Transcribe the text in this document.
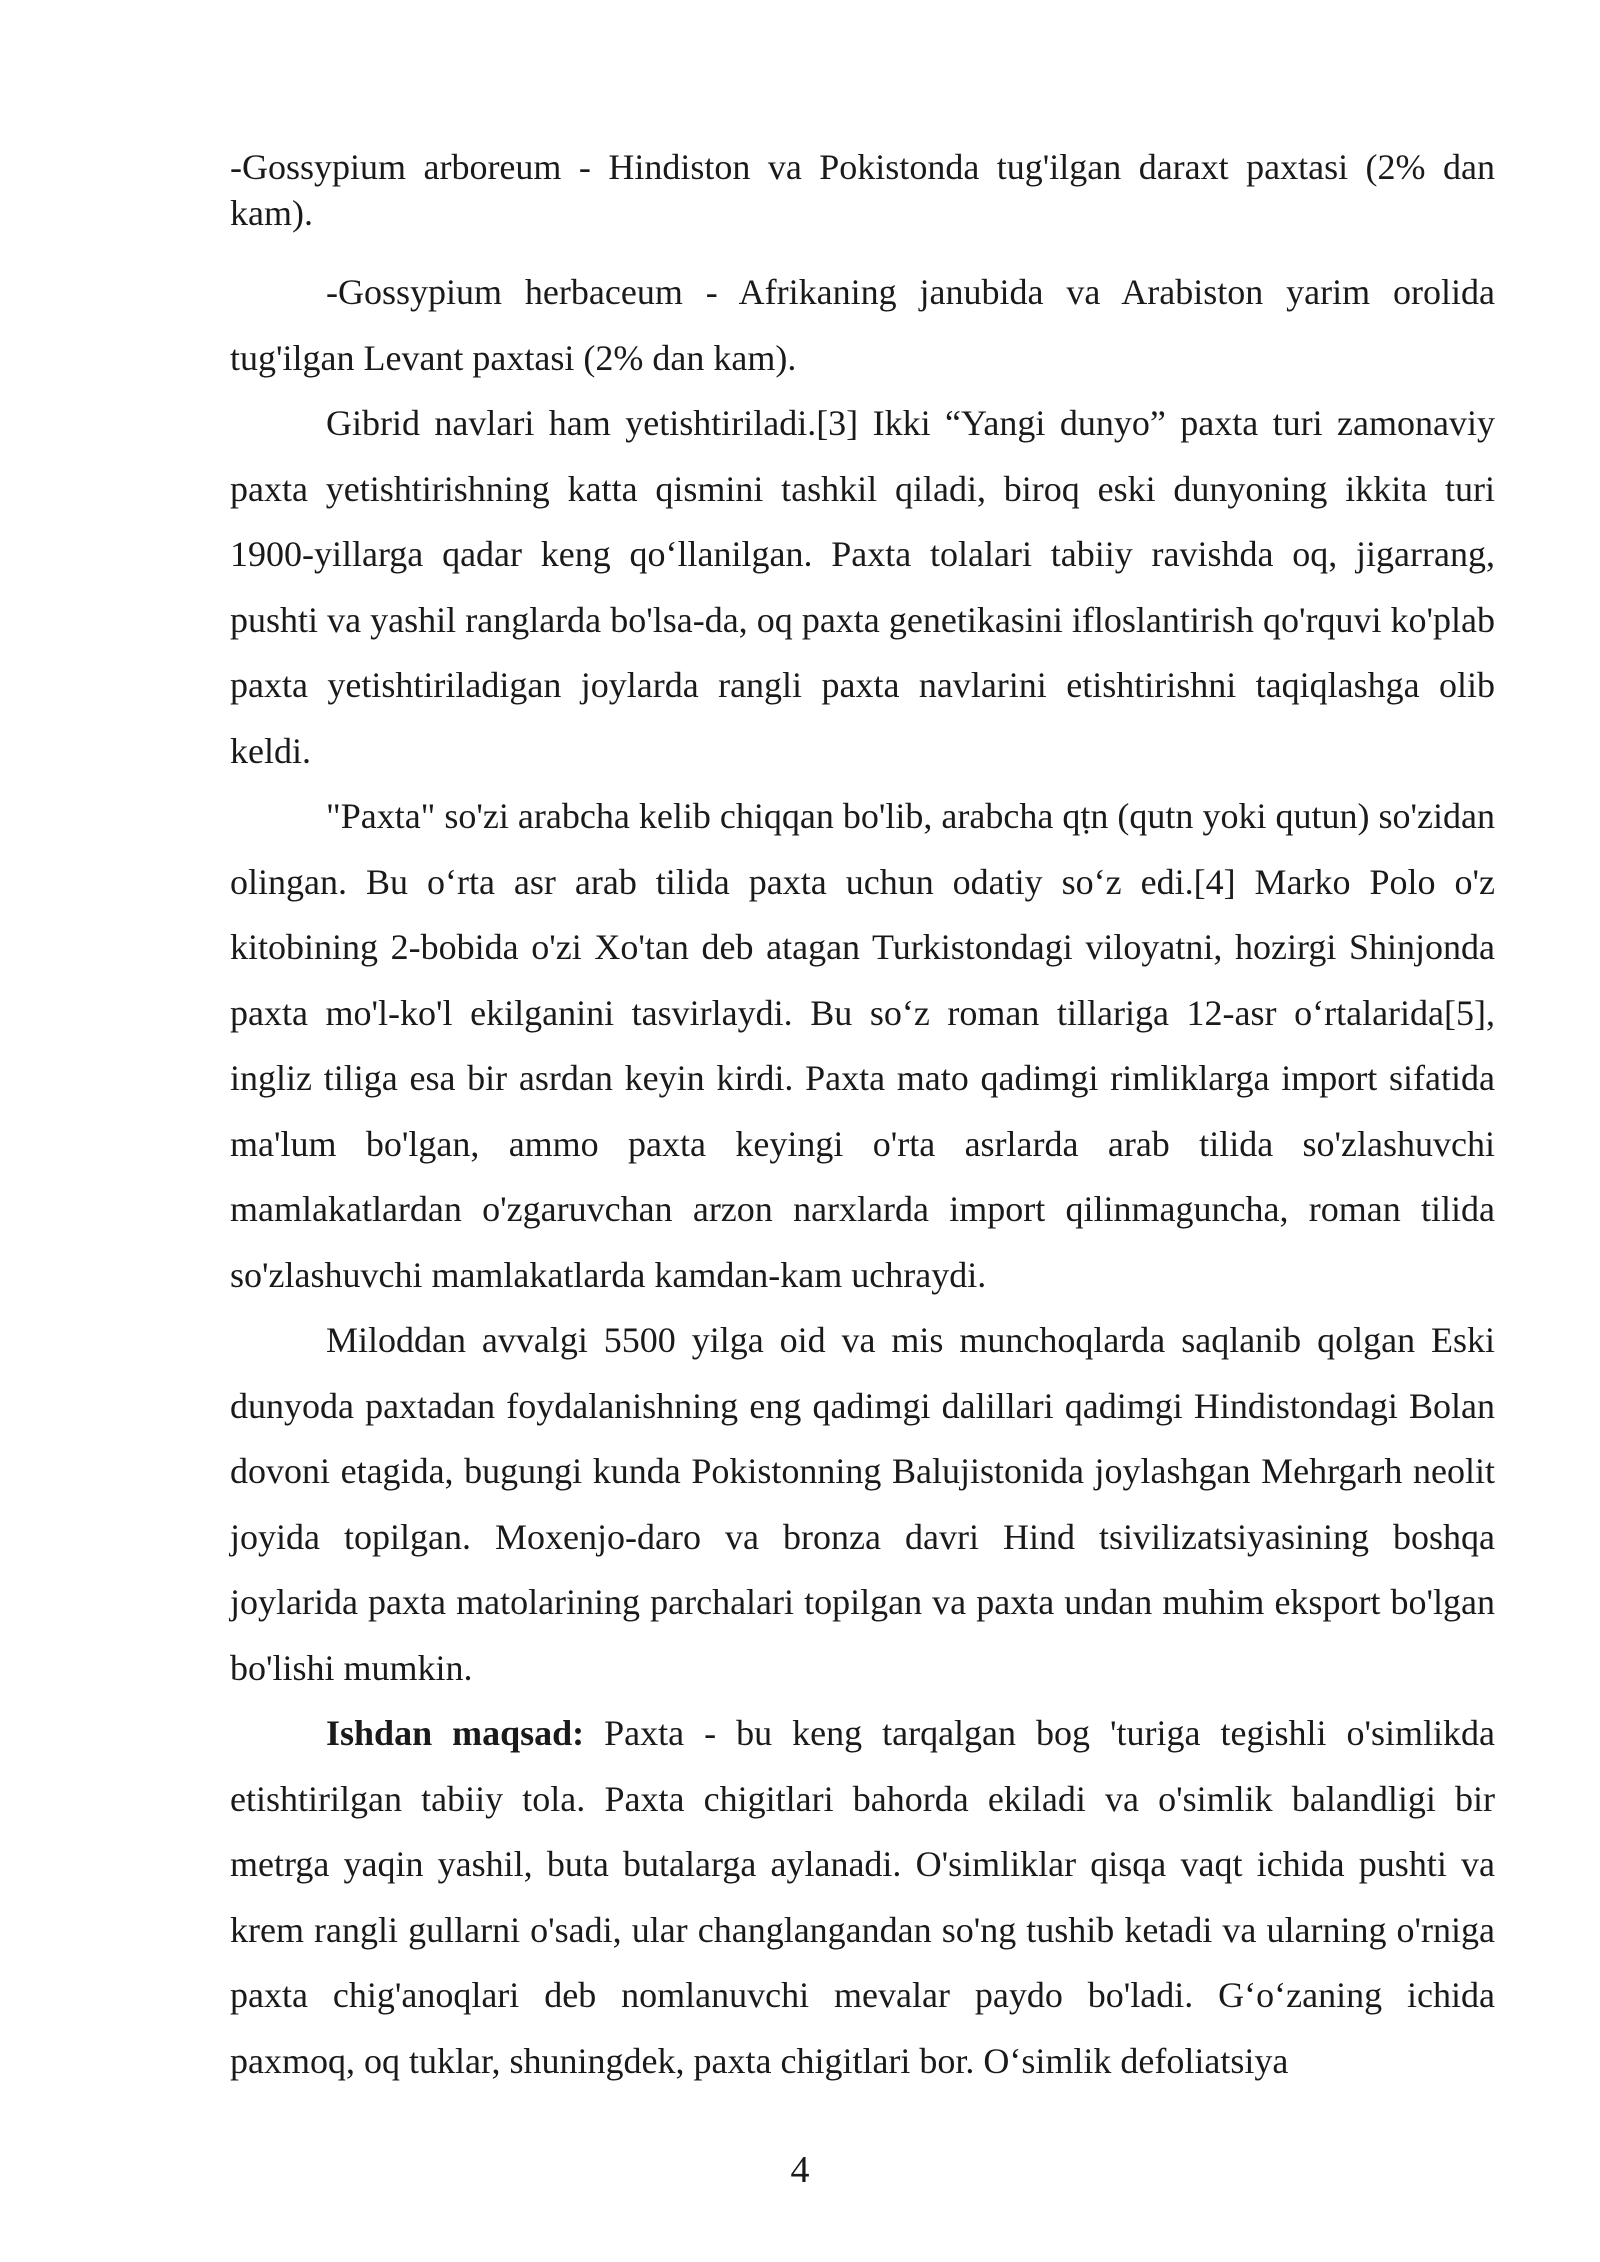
-Gossypium arboreum - Hindiston va Pokistonda tug'ilgan daraxt paxtasi (2% dan kam).

-Gossypium herbaceum - Afrikaning janubida va Arabiston yarim orolida tug'ilgan Levant paxtasi (2% dan kam).

Gibrid navlari ham yetishtiriladi.[3] Ikki “Yangi dunyo” paxta turi zamonaviy paxta yetishtirishning katta qismini tashkil qiladi, biroq eski dunyoning ikkita turi 1900-yillarga qadar keng qo‘llanilgan. Paxta tolalari tabiiy ravishda oq, jigarrang, pushti va yashil ranglarda bo'lsa-da, oq paxta genetikasini ifloslantirish qo'rquvi ko'plab paxta yetishtiriladigan joylarda rangli paxta navlarini etishtirishni taqiqlashga olib keldi.

"Paxta" so'zi arabcha kelib chiqqan bo'lib, arabcha qṭn (qutn yoki qutun) so'zidan olingan. Bu o‘rta asr arab tilida paxta uchun odatiy so‘z edi.[4] Marko Polo o'z kitobining 2-bobida o'zi Xo'tan deb atagan Turkistondagi viloyatni, hozirgi Shinjonda paxta mo'l-ko'l ekilganini tasvirlaydi. Bu so‘z roman tillariga 12-asr o‘rtalarida[5], ingliz tiliga esa bir asrdan keyin kirdi. Paxta mato qadimgi rimliklarga import sifatida ma'lum bo'lgan, ammo paxta keyingi o'rta asrlarda arab tilida so'zlashuvchi mamlakatlardan o'zgaruvchan arzon narxlarda import qilinmaguncha, roman tilida so'zlashuvchi mamlakatlarda kamdan-kam uchraydi.

Miloddan avvalgi 5500 yilga oid va mis munchoqlarda saqlanib qolgan Eski dunyoda paxtadan foydalanishning eng qadimgi dalillari qadimgi Hindistondagi Bolan dovoni etagida, bugungi kunda Pokistonning Balujistonida joylashgan Mehrgarh neolit joyida topilgan. Moxenjo-daro va bronza davri Hind tsivilizatsiyasining boshqa joylarida paxta matolarining parchalari topilgan va paxta undan muhim eksport bo'lgan bo'lishi mumkin.

Ishdan maqsad: Paxta - bu keng tarqalgan bog 'turiga tegishli o'simlikda etishtirilgan tabiiy tola. Paxta chigitlari bahorda ekiladi va o'simlik balandligi bir metrga yaqin yashil, buta butalarga aylanadi. O'simliklar qisqa vaqt ichida pushti va krem rangli gullarni o'sadi, ular changlangandan so'ng tushib ketadi va ularning o'rniga paxta chig'anoqlari deb nomlanuvchi mevalar paydo bo'ladi. G‘o‘zaning ichida paxmoq, oq tuklar, shuningdek, paxta chigitlari bor. O‘simlik defoliatsiya

4
